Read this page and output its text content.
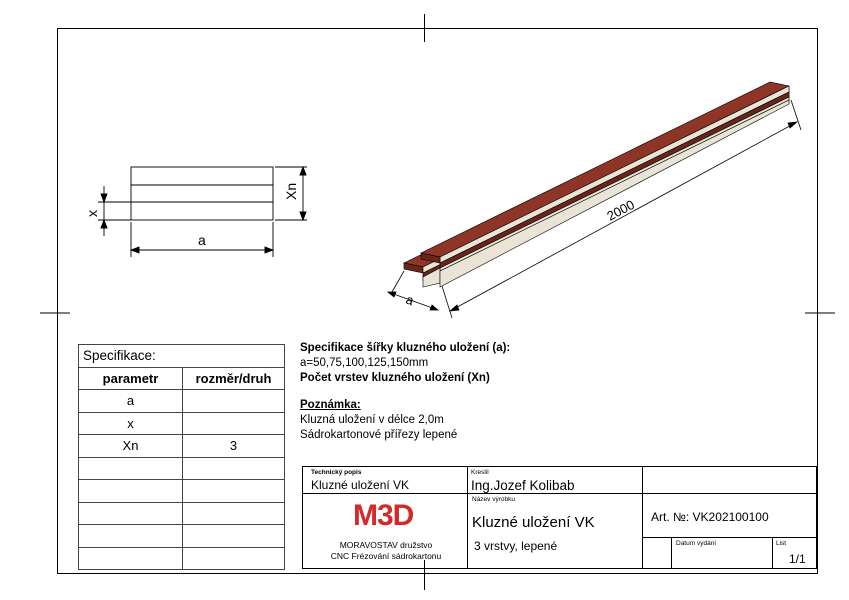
a
Xn
x	2000
a
Specifikace:	
parametr	rozměr/druh
a	
x	
Xn	3

Specifikace šířky kluzného uložení (a):
a=50,75,100,125,150mm
Počet vrstev kluzného uložení (Xn)
Poznámka:
Kluzná uložení v délce 2,0m
Sádrokartonové přířezy lepené
Technický popis
Kluzné uložení VK
Kreslil
Ing.Jozef Kolibab
M3D
MORAVOSTAV družstvo
CNC Frézování sádrokartonu
Název výrobku
Kluzné uložení VK
3 vrstvy, lepené
Art. №: VK202100100
Datum vydání	List
1/1
